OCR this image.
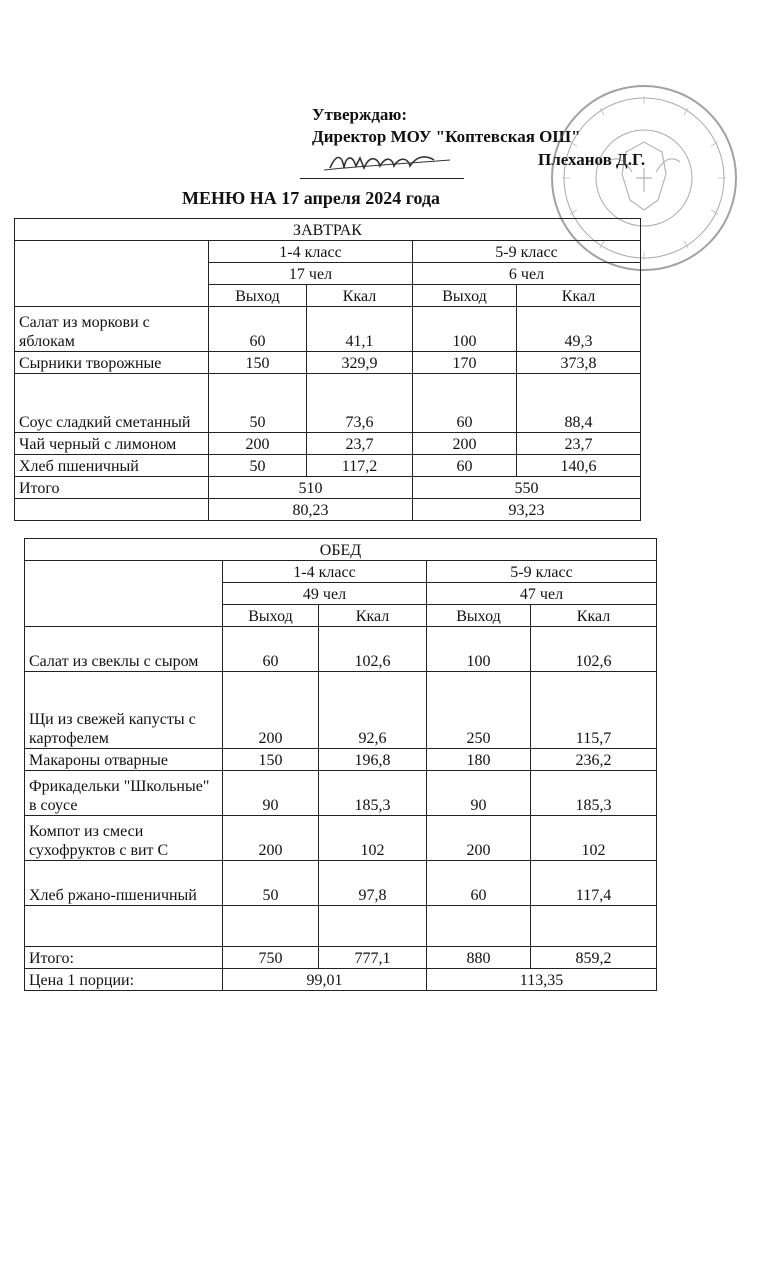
Утверждаю:
Директор МОУ "Коптевская ОШ"
Плеханов Д.Г.
МЕНЮ НА 17 апреля 2024 года
ЗАВТРАК				
	1-4 класс		5-9 класс	
	17 чел		6 чел	
	Выход	Ккал	Выход	Ккал
Салат из моркови с яблокам	60	41,1	100	49,3
Сырники творожные	150	329,9	170	373,8
Соус сладкий сметанный	50	73,6	60	88,4
Чай черный с лимоном	200	23,7	200	23,7
Хлеб пшеничный	50	117,2	60	140,6
Итого	510		550	
	80,23		93,23	
ОБЕД				
	1-4 класс		5-9 класс	
	49 чел		47 чел	
	Выход	Ккал	Выход	Ккал
Салат из свеклы с сыром	60	102,6	100	102,6
Щи из свежей капусты с картофелем	200	92,6	250	115,7
Макароны отварные	150	196,8	180	236,2
Фрикадельки "Школьные" в соусе	90	185,3	90	185,3
Компот из смеси сухофруктов с вит С	200	102	200	102
Хлеб ржано-пшеничный	50	97,8	60	117,4

Итого:	750	777,1	880	859,2
Цена 1 порции:	99,01		113,35	
